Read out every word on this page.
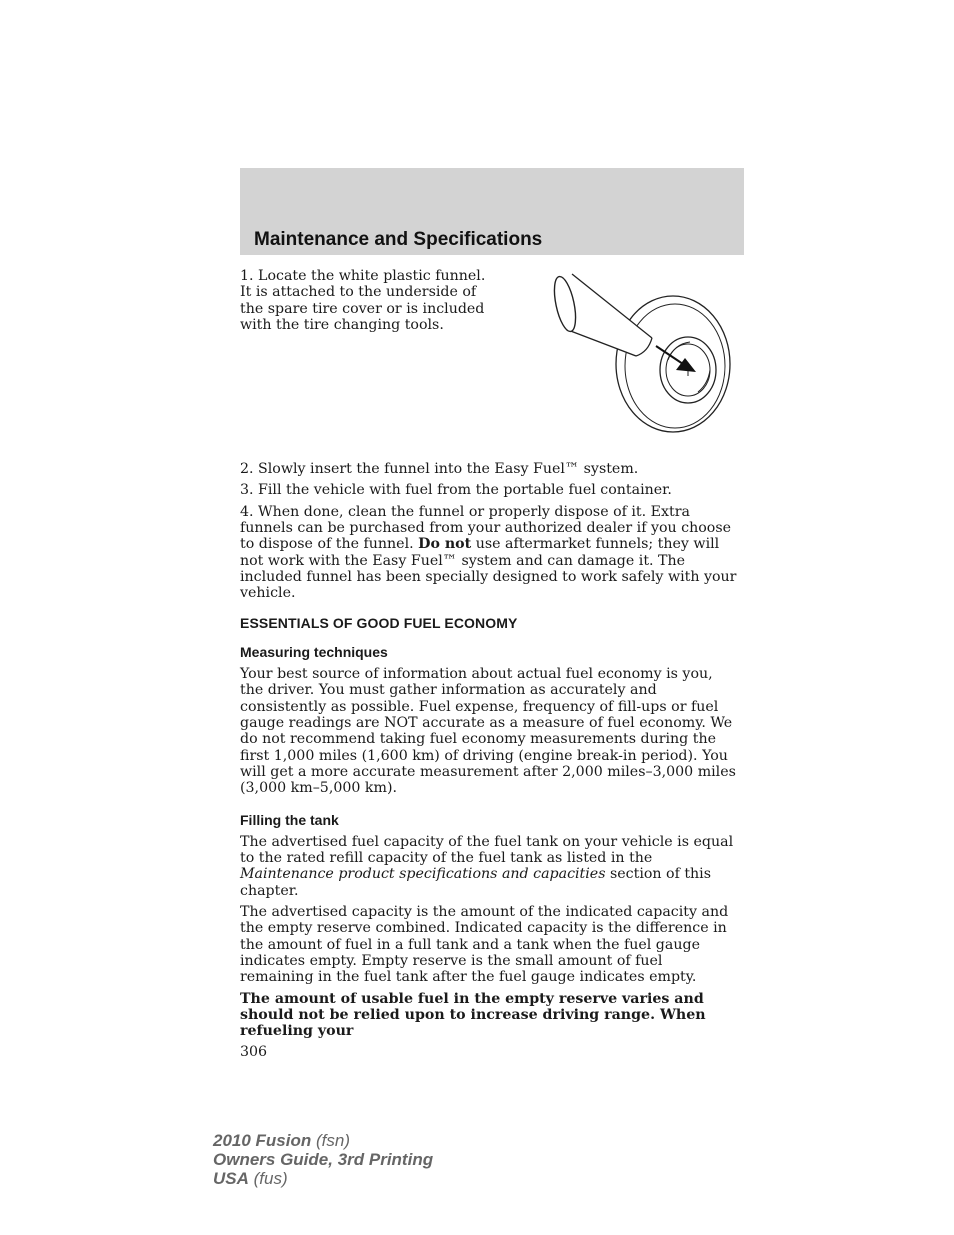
Maintenance and Specifications

1. Locate the white plastic funnel. It is attached to the underside of the spare tire cover or is included with the tire changing tools.

2. Slowly insert the funnel into the Easy Fuel™ system.

3. Fill the vehicle with fuel from the portable fuel container.

4. When done, clean the funnel or properly dispose of it. Extra funnels can be purchased from your authorized dealer if you choose to dispose of the funnel. Do not use aftermarket funnels; they will not work with the Easy Fuel™ system and can damage it. The included funnel has been specially designed to work safely with your vehicle.

ESSENTIALS OF GOOD FUEL ECONOMY
Measuring techniques

Your best source of information about actual fuel economy is you, the driver. You must gather information as accurately and consistently as possible. Fuel expense, frequency of fill-ups or fuel gauge readings are NOT accurate as a measure of fuel economy. We do not recommend taking fuel economy measurements during the first 1,000 miles (1,600 km) of driving (engine break-in period). You will get a more accurate measurement after 2,000 miles–3,000 miles (3,000 km–5,000 km).

Filling the tank

The advertised fuel capacity of the fuel tank on your vehicle is equal to the rated refill capacity of the fuel tank as listed in the Maintenance product specifications and capacities section of this chapter.

The advertised capacity is the amount of the indicated capacity and the empty reserve combined. Indicated capacity is the difference in the amount of fuel in a full tank and a tank when the fuel gauge indicates empty. Empty reserve is the small amount of fuel remaining in the fuel tank after the fuel gauge indicates empty.

The amount of usable fuel in the empty reserve varies and should not be relied upon to increase driving range. When refueling your

306
2010 Fusion (fsn)
Owners Guide, 3rd Printing
USA (fus)
